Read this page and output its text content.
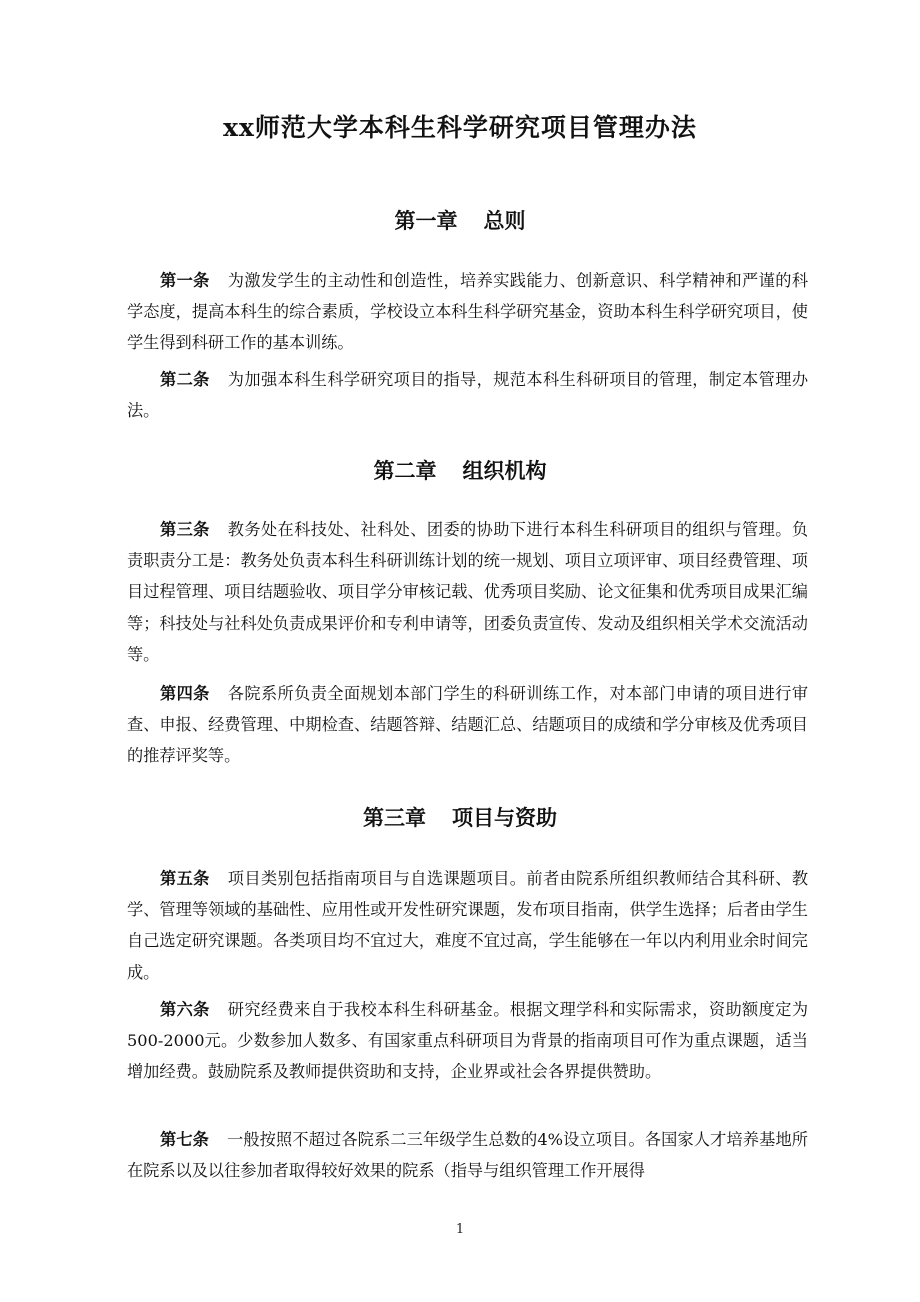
xx师范大学本科生科学研究项目管理办法
第一章 总则

第一条 为激发学生的主动性和创造性，培养实践能力、创新意识、科学精神和严谨的科学态度，提高本科生的综合素质，学校设立本科生科学研究基金，资助本科生科学研究项目，使学生得到科研工作的基本训练。

第二条 为加强本科生科学研究项目的指导，规范本科生科研项目的管理，制定本管理办法。

第二章 组织机构

第三条 教务处在科技处、社科处、团委的协助下进行本科生科研项目的组织与管理。负责职责分工是：教务处负责本科生科研训练计划的统一规划、项目立项评审、项目经费管理、项目过程管理、项目结题验收、项目学分审核记载、优秀项目奖励、论文征集和优秀项目成果汇编等；科技处与社科处负责成果评价和专利申请等，团委负责宣传、发动及组织相关学术交流活动等。

第四条 各院系所负责全面规划本部门学生的科研训练工作，对本部门申请的项目进行审查、申报、经费管理、中期检查、结题答辩、结题汇总、结题项目的成绩和学分审核及优秀项目的推荐评奖等。

第三章 项目与资助

第五条 项目类别包括指南项目与自选课题项目。前者由院系所组织教师结合其科研、教学、管理等领域的基础性、应用性或开发性研究课题，发布项目指南，供学生选择；后者由学生自己选定研究课题。各类项目均不宜过大，难度不宜过高，学生能够在一年以内利用业余时间完成。

第六条 研究经费来自于我校本科生科研基金。根据文理学科和实际需求，资助额度定为500-2000元。少数参加人数多、有国家重点科研项目为背景的指南项目可作为重点课题，适当增加经费。鼓励院系及教师提供资助和支持，企业界或社会各界提供赞助。

第七条 一般按照不超过各院系二三年级学生总数的4%设立项目。各国家人才培养基地所在院系以及以往参加者取得较好效果的院系（指导与组织管理工作开展得

1
